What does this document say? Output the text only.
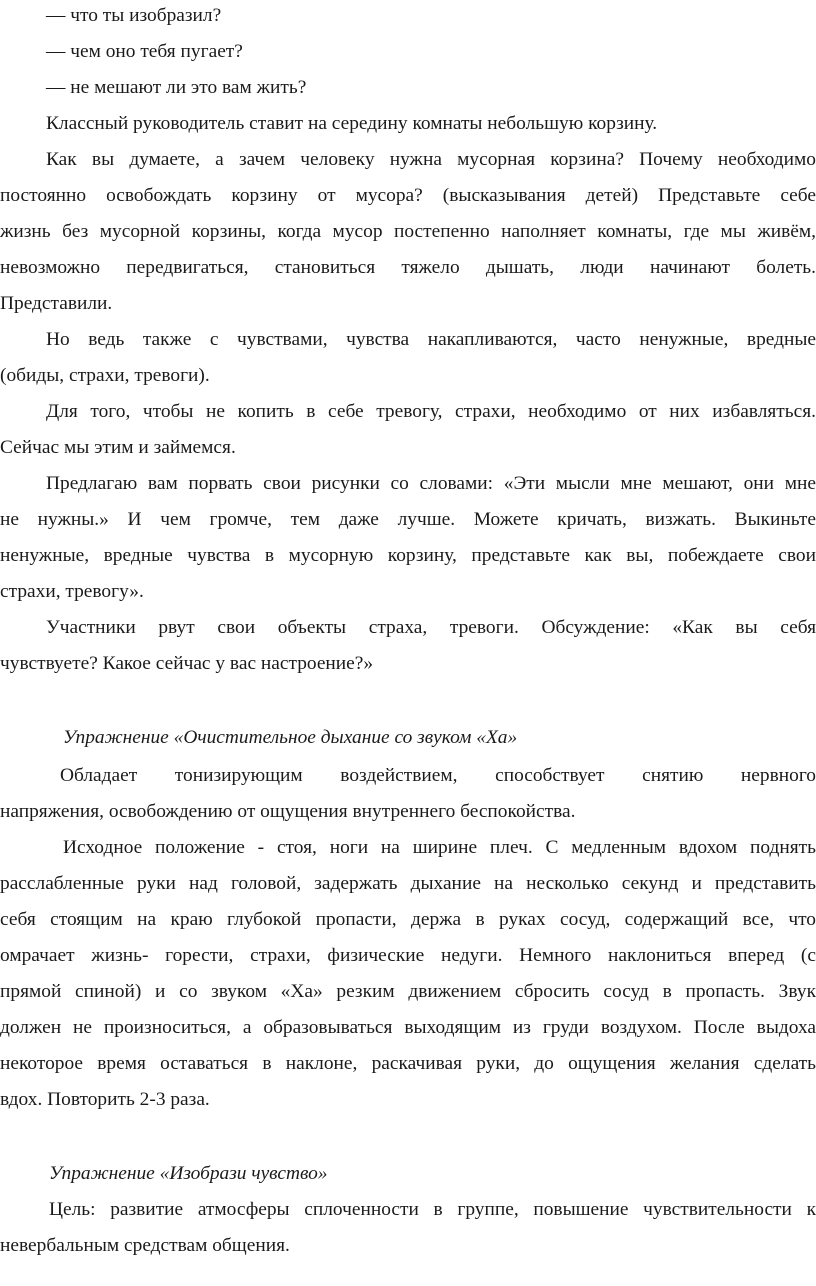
— что ты изобразил?
— чем оно тебя пугает?
— не мешают ли это вам жить?
Классный руководитель ставит на середину комнаты небольшую корзину.
Как вы думаете, а зачем человеку нужна мусорная корзина? Почему необходимо
постоянно освобождать корзину от мусора? (высказывания детей) Представьте себе
жизнь без мусорной корзины, когда мусор постепенно наполняет комнаты, где мы живём,
невозможно передвигаться, становиться тяжело дышать, люди начинают болеть.
Представили.
Но ведь также с чувствами, чувства накапливаются, часто ненужные, вредные
(обиды, страхи, тревоги).
Для того, чтобы не копить в себе тревогу, страхи, необходимо от них избавляться.
Сейчас мы этим и займемся.
Предлагаю вам порвать свои рисунки со словами: «Эти мысли мне мешают, они мне
не нужны.» И чем громче, тем даже лучше. Можете кричать, визжать. Выкиньте
ненужные, вредные чувства в мусорную корзину, представьте как вы, побеждаете свои
страхи, тревогу».
Участники рвут свои объекты страха, тревоги. Обсуждение: «Как вы себя
чувствуете? Какое сейчас у вас настроение?»
Упражнение «Очистительное дыхание со звуком «Ха»
Обладает тонизирующим воздействием, способствует снятию нервного
напряжения, освобождению от ощущения внутреннего беспокойства.
Исходное положение - стоя, ноги на ширине плеч. С медленным вдохом поднять
расслабленные руки над головой, задержать дыхание на несколько секунд и представить
себя стоящим на краю глубокой пропасти, держа в руках сосуд, содержащий все, что
омрачает жизнь- горести, страхи, физические недуги. Немного наклониться вперед (с
прямой спиной) и со звуком «Ха» резким движением сбросить сосуд в пропасть. Звук
должен не произноситься, а образовываться выходящим из груди воздухом. После выдоха
некоторое время оставаться в наклоне, раскачивая руки, до ощущения желания сделать
вдох. Повторить 2-3 раза.
Упражнение «Изобрази чувство»
Цель: развитие атмосферы сплоченности в группе, повышение чувствительности к
невербальным средствам общения.
